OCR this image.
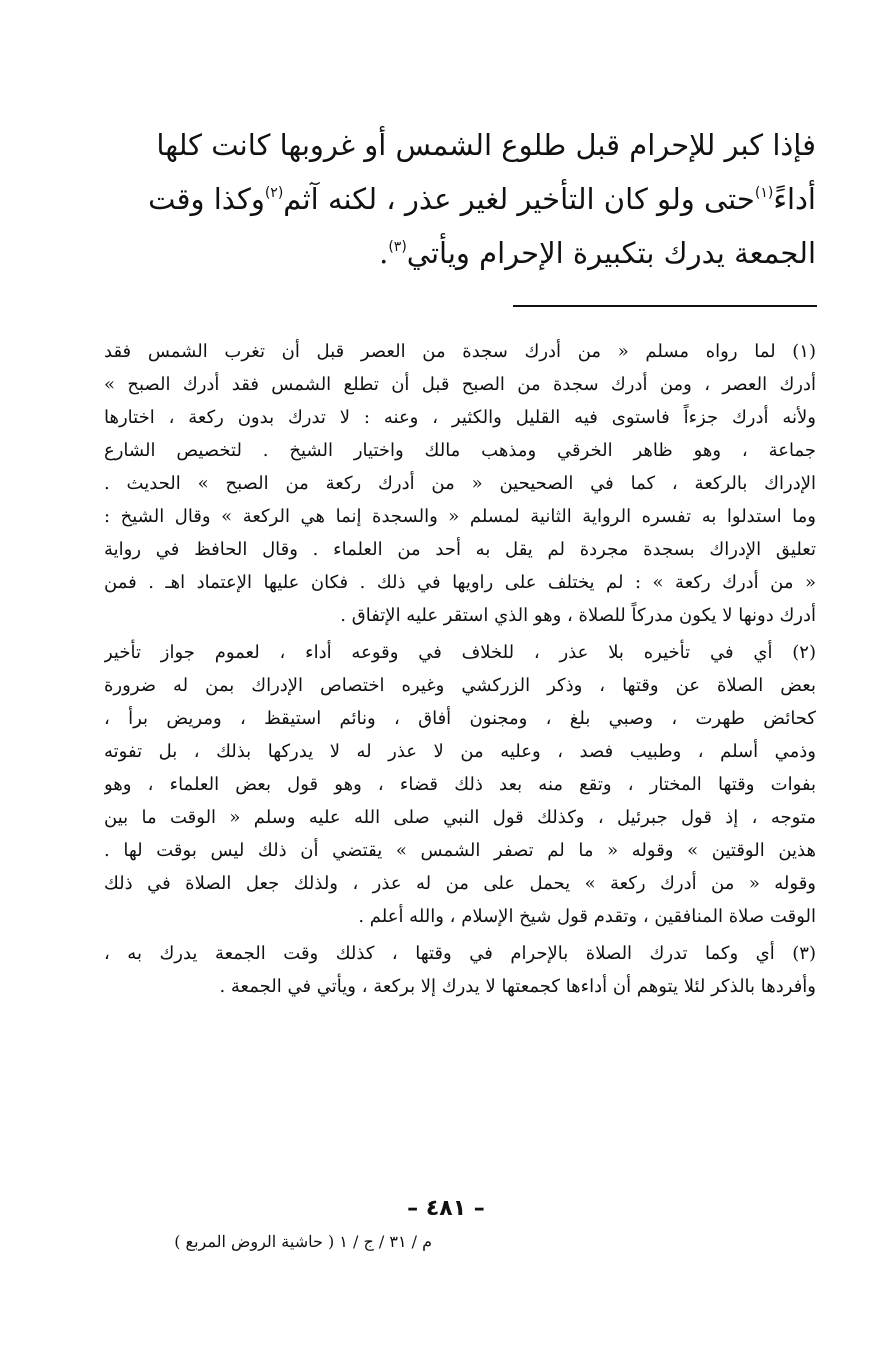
فإذا كبر للإحرام قبل طلوع الشمس أو غروبها كانت كلها
أداءً$^{(١)}$حتى ولو كان التأخير لغير عذر ، لكنه آثم$^{(٢)}$وكذا وقت
الجمعة يدرك بتكبيرة الإحرام ويأتي$^{(٣)}$.
(١) لما رواه مسلم « من أدرك سجدة من العصر قبل أن تغرب الشمس فقد
أدرك العصر ، ومن أدرك سجدة من الصبح قبل أن تطلع الشمس فقد أدرك الصبح »
ولأنه أدرك جزءاً فاستوى فيه القليل والكثير ، وعنه : لا تدرك بدون ركعة ، اختارها
جماعة ، وهو ظاهر الخرقي ومذهب مالك واختيار الشيخ . لتخصيص الشارع
الإدراك بالركعة ، كما في الصحيحين « من أدرك ركعة من الصبح » الحديث .
وما استدلوا به تفسره الرواية الثانية لمسلم « والسجدة إنما هي الركعة » وقال الشيخ :
تعليق الإدراك بسجدة مجردة لم يقل به أحد من العلماء . وقال الحافظ في رواية
« من أدرك ركعة » : لم يختلف على راويها في ذلك . فكان عليها الإعتماد اهـ . فمن
أدرك دونها لا يكون مدركاً للصلاة ، وهو الذي استقر عليه الإتفاق .
(٢) أي في تأخيره بلا عذر ، للخلاف في وقوعه أداء ، لعموم جواز تأخير
بعض الصلاة عن وقتها ، وذكر الزركشي وغيره اختصاص الإدراك بمن له ضرورة
كحائض طهرت ، وصبي بلغ ، ومجنون أفاق ، ونائم استيقظ ، ومريض برأ ،
وذمي أسلم ، وطبيب فصد ، وعليه من لا عذر له لا يدركها بذلك ، بل تفوته
بفوات وقتها المختار ، وتقع منه بعد ذلك قضاء ، وهو قول بعض العلماء ، وهو
متوجه ، إذ قول جبرئيل ، وكذلك قول النبي صلى الله عليه وسلم « الوقت ما بين
هذين الوقتين » وقوله « ما لم تصفر الشمس » يقتضي أن ذلك ليس بوقت لها .
وقوله « من أدرك ركعة » يحمل على من له عذر ، ولذلك جعل الصلاة في ذلك
الوقت صلاة المنافقين ، وتقدم قول شيخ الإسلام ، والله أعلم .
(٣) أي وكما تدرك الصلاة بالإحرام في وقتها ، كذلك وقت الجمعة يدرك به ،
وأفردها بالذكر لئلا يتوهم أن أداءها كجمعتها لا يدرك إلا بركعة ، ويأتي في الجمعة .
– ٤٨١ –
م / ٣١ / ج / ١ ( حاشية الروض المربع )
